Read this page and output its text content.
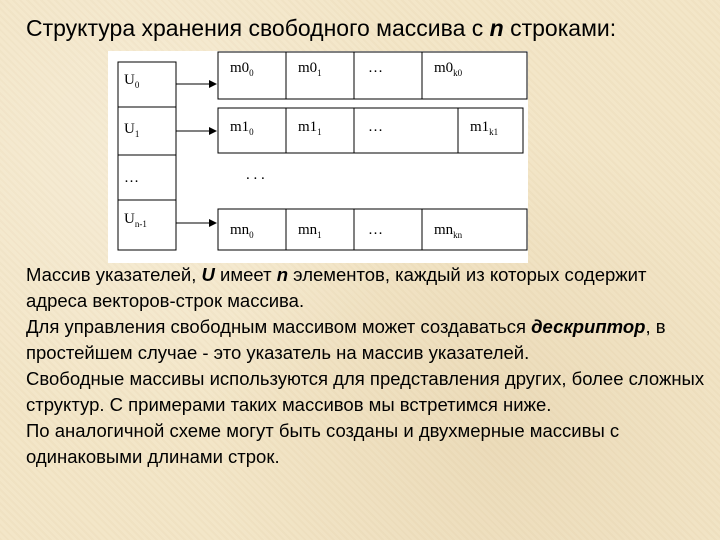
Структура хранения свободного массива с n строками:
$U_0$
$U_1$
…
$U_{n-1}$
$m0_0$	$m0_1$	…	$m0_{k0}$
$m1_0$	$m1_1$	…	$m1_{k1}$
. . .
$mn_0$	$mn_1$	…	$mn_{kn}$

Массив указателей, U имеет n элементов, каждый из которых содержит адреса векторов-строк массива.

Для управления свободным массивом может создаваться дескриптор, в простейшем случае - это указатель на массив указателей.

Свободные массивы используются для представления других, более сложных структур. С примерами таких массивов мы встретимся ниже.

По аналогичной схеме могут быть созданы и двухмерные массивы с одинаковыми длинами строк.
